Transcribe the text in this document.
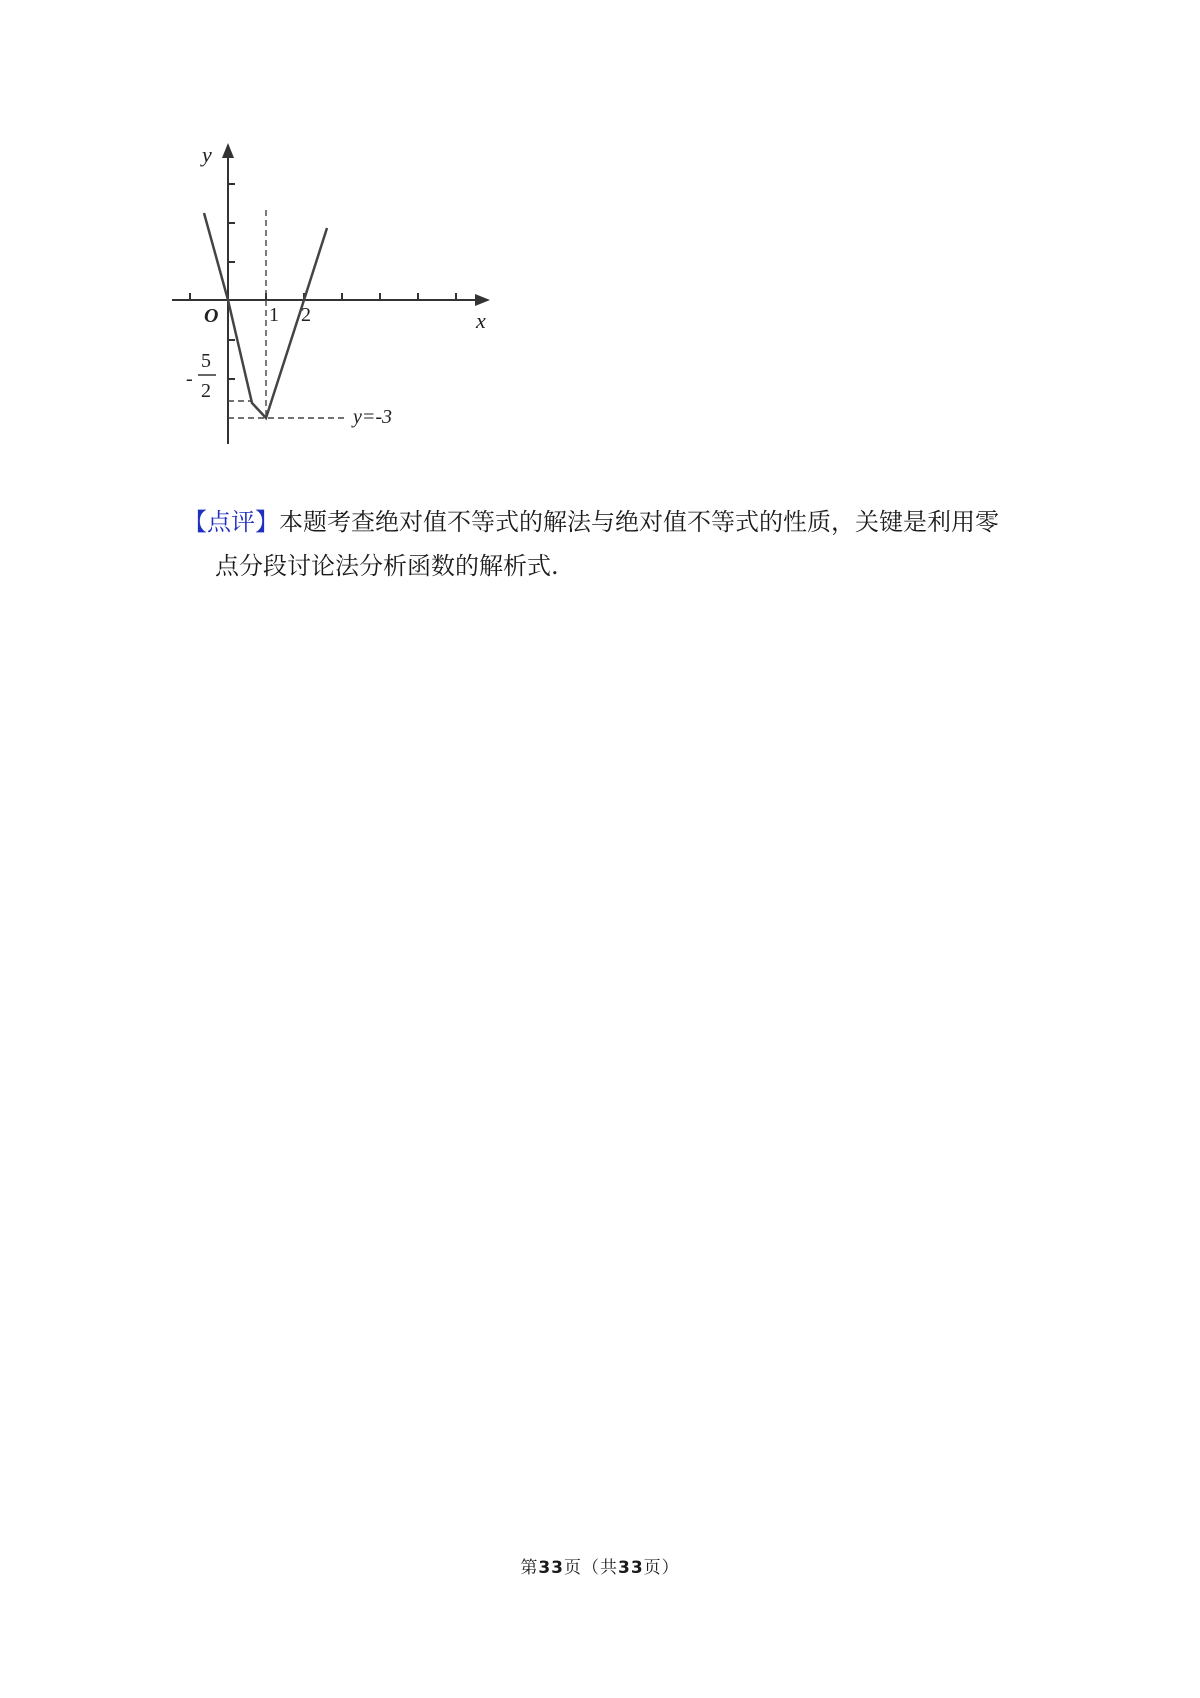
y
x
O	1 2
-
5
2
y=-3
【点评】本题考查绝对值不等式的解法与绝对值不等式的性质，关键是利用零
点分段讨论法分析函数的解析式.
第33页（共33页）
